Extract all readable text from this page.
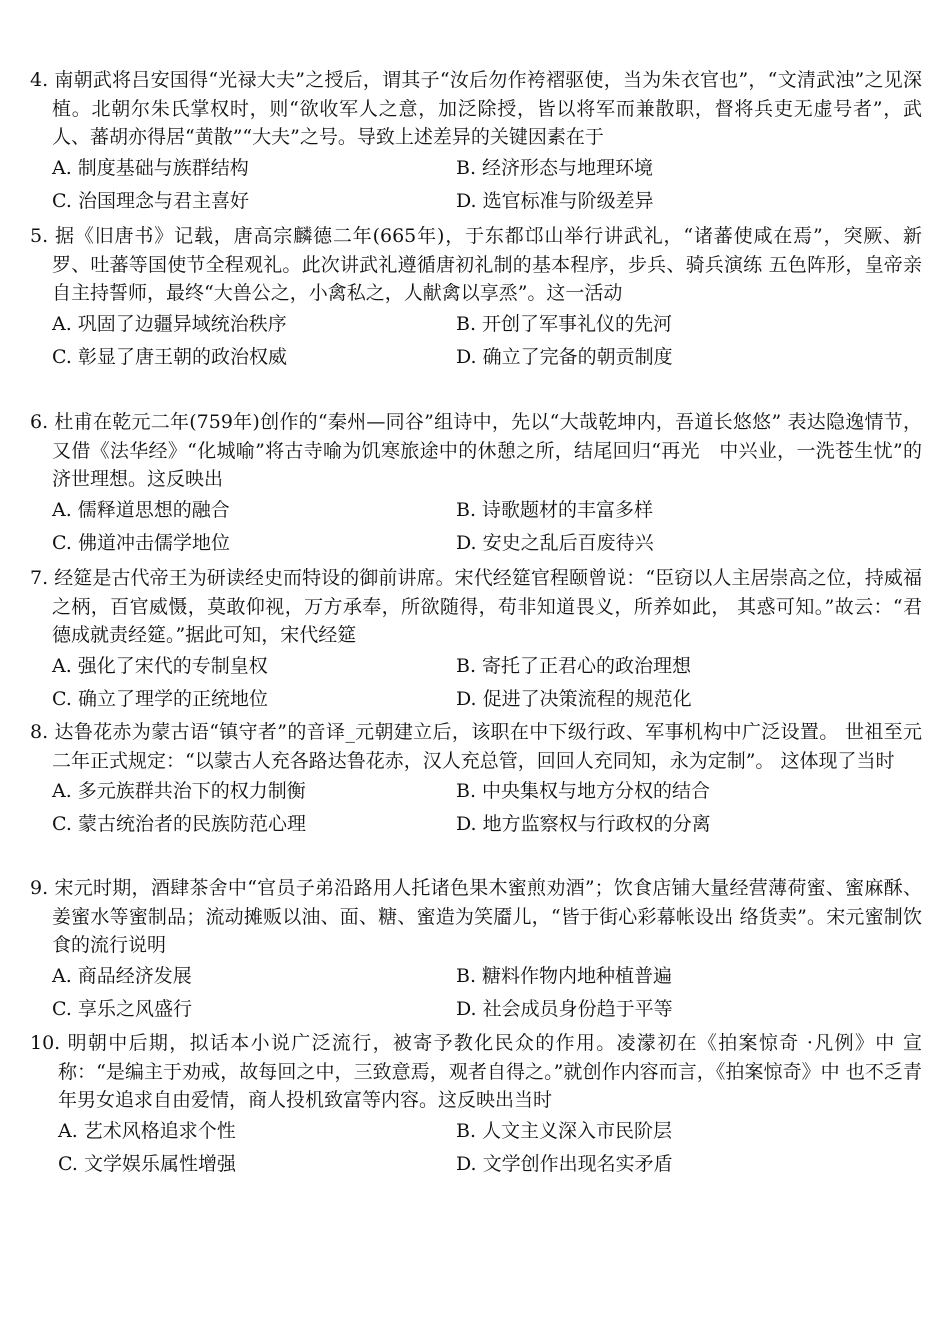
4. 南朝武将吕安国得“光禄大夫”之授后，谓其子“汝后勿作袴褶驱使，当为朱衣官也”，“文清武浊”之见深植。北朝尔朱氏掌权时，则“欲收军人之意，加泛除授，皆以将军而兼散职，督将兵吏无虚号者”，武人、蕃胡亦得居“黄散”“大夫”之号。导致上述差异的关键因素在于

A. 制度基础与族群结构	B. 经济形态与地理环境
C. 治国理念与君主喜好	D. 选官标准与阶级差异

5. 据《旧唐书》记载，唐高宗麟德二年(665年)，于东都邙山举行讲武礼，“诸蕃使咸在焉”，突厥、新罗、吐蕃等国使节全程观礼。此次讲武礼遵循唐初礼制的基本程序，步兵、骑兵演练 五色阵形，皇帝亲自主持誓师，最终“大兽公之，小禽私之，人献禽以享烝”。这一活动

A. 巩固了边疆异域统治秩序	B. 开创了军事礼仪的先河
C. 彰显了唐王朝的政治权威	D. 确立了完备的朝贡制度

6. 杜甫在乾元二年(759年)创作的“秦州—同谷”组诗中，先以“大哉乾坤内，吾道长悠悠” 表达隐逸情节，又借《法华经》“化城喻”将古寺喻为饥寒旅途中的休憩之所，结尾回归“再光　中兴业，一洗苍生忧”的济世理想。这反映出

A. 儒释道思想的融合	B. 诗歌题材的丰富多样
C. 佛道冲击儒学地位	D. 安史之乱后百废待兴

7. 经筵是古代帝王为研读经史而特设的御前讲席。宋代经筵官程颐曾说：“臣窃以人主居崇高之位，持威福之柄，百官威慑，莫敢仰视，万方承奉，所欲随得，苟非知道畏义，所养如此， 其惑可知。”故云：“君德成就责经筵。”据此可知，宋代经筵

A. 强化了宋代的专制皇权	B. 寄托了正君心的政治理想
C. 确立了理学的正统地位	D. 促进了决策流程的规范化

8. 达鲁花赤为蒙古语“镇守者”的音译_元朝建立后，该职在中下级行政、军事机构中广泛设置。 世祖至元二年正式规定：“以蒙古人充各路达鲁花赤，汉人充总管，回回人充同知，永为定制”。 这体现了当时

A. 多元族群共治下的权力制衡	B. 中央集权与地方分权的结合
C. 蒙古统治者的民族防范心理	D. 地方监察权与行政权的分离

9. 宋元时期，酒肆茶舍中“官员子弟沿路用人托诸色果木蜜煎劝酒”；饮食店铺大量经营薄荷蜜、蜜麻酥、姜蜜水等蜜制品；流动摊贩以油、面、糖、蜜造为笑靥儿，“皆于街心彩幕帐设出 络货卖”。宋元蜜制饮食的流行说明

A. 商品经济发展	B. 糖料作物内地种植普遍
C. 享乐之风盛行	D. 社会成员身份趋于平等

10. 明朝中后期，拟话本小说广泛流行，被寄予教化民众的作用。凌濛初在《拍案惊奇 ·凡例》中 宣称：“是编主于劝戒，故每回之中，三致意焉，观者自得之。”就创作内容而言，《拍案惊奇》中 也不乏青年男女追求自由爱情，商人投机致富等内容。这反映出当时

A. 艺术风格追求个性	B. 人文主义深入市民阶层
C. 文学娱乐属性增强	D. 文学创作出现名实矛盾
